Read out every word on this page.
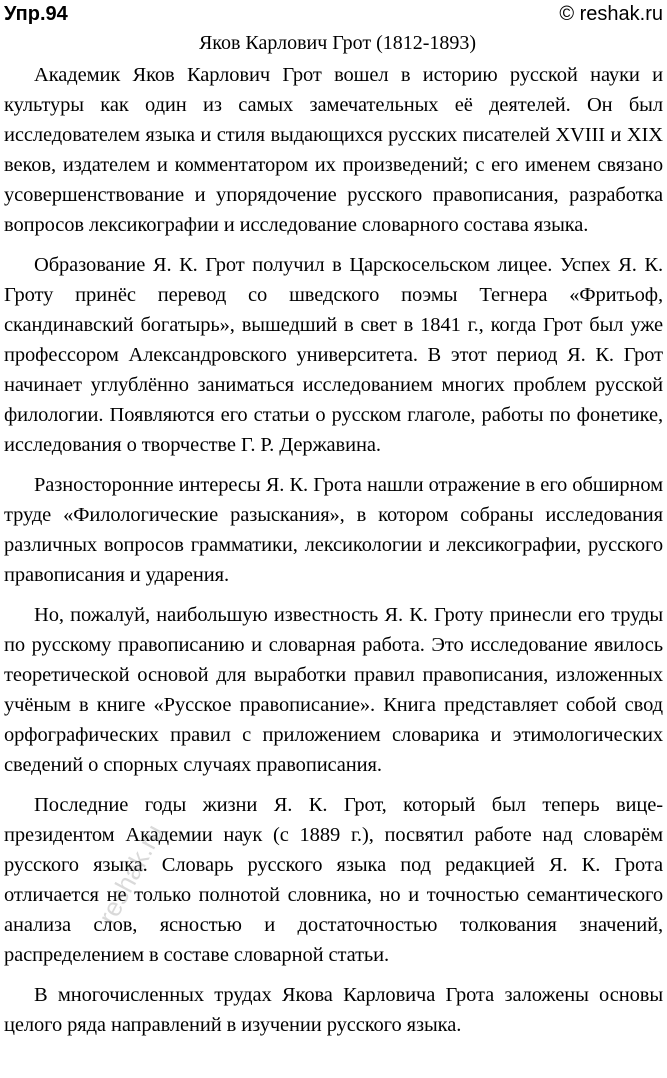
Упр.94	© reshak.ru
Яков Карлович Грот (1812-1893)

Академик Яков Карлович Грот вошел в историю русской науки и культуры как один из самых замечательных её деятелей. Он был исследователем языка и стиля выдающихся русских писателей XVIII и XIX веков, издателем и комментатором их произведений; с его именем связано усовершенствование и упорядочение русского правописания, разработка вопросов лексикографии и исследование словарного состава языка.

Образование Я. К. Грот получил в Царскосельском лицее. Успех Я. К. Гроту принёс перевод со шведского поэмы Тегнера «Фритьоф, скандинавский богатырь», вышедший в свет в 1841 г., когда Грот был уже профессором Александровского университета. В этот период Я. К. Грот начинает углублённо заниматься исследованием многих проблем русской филологии. Появляются его статьи о русском глаголе, работы по фонетике, исследования о творчестве Г. Р. Державина.

Разносторонние интересы Я. К. Грота нашли отражение в его обширном труде «Филологические разыскания», в котором собраны исследования различных вопросов грамматики, лексикологии и лексикографии, русского правописания и ударения.

Но, пожалуй, наибольшую известность Я. К. Гроту принесли его труды по русскому правописанию и словарная работа. Это исследование явилось теоретической основой для выработки правил правописания, изложенных учёным в книге «Русское правописание». Книга представляет собой свод орфографических правил с приложением словарика и этимологических сведений о спорных случаях правописания.

Последние годы жизни Я. К. Грот, который был теперь вице-президентом Академии наук (с 1889 г.), посвятил работе над словарём русского языка. Словарь русского языка под редакцией Я. К. Грота отличается не только полнотой словника, но и точностью семантического анализа слов, ясностью и достаточностью толкования значений, распределением в составе словарной статьи.

В многочисленных трудах Якова Карловича Грота заложены основы целого ряда направлений в изучении русского языка.

reshak.ru
